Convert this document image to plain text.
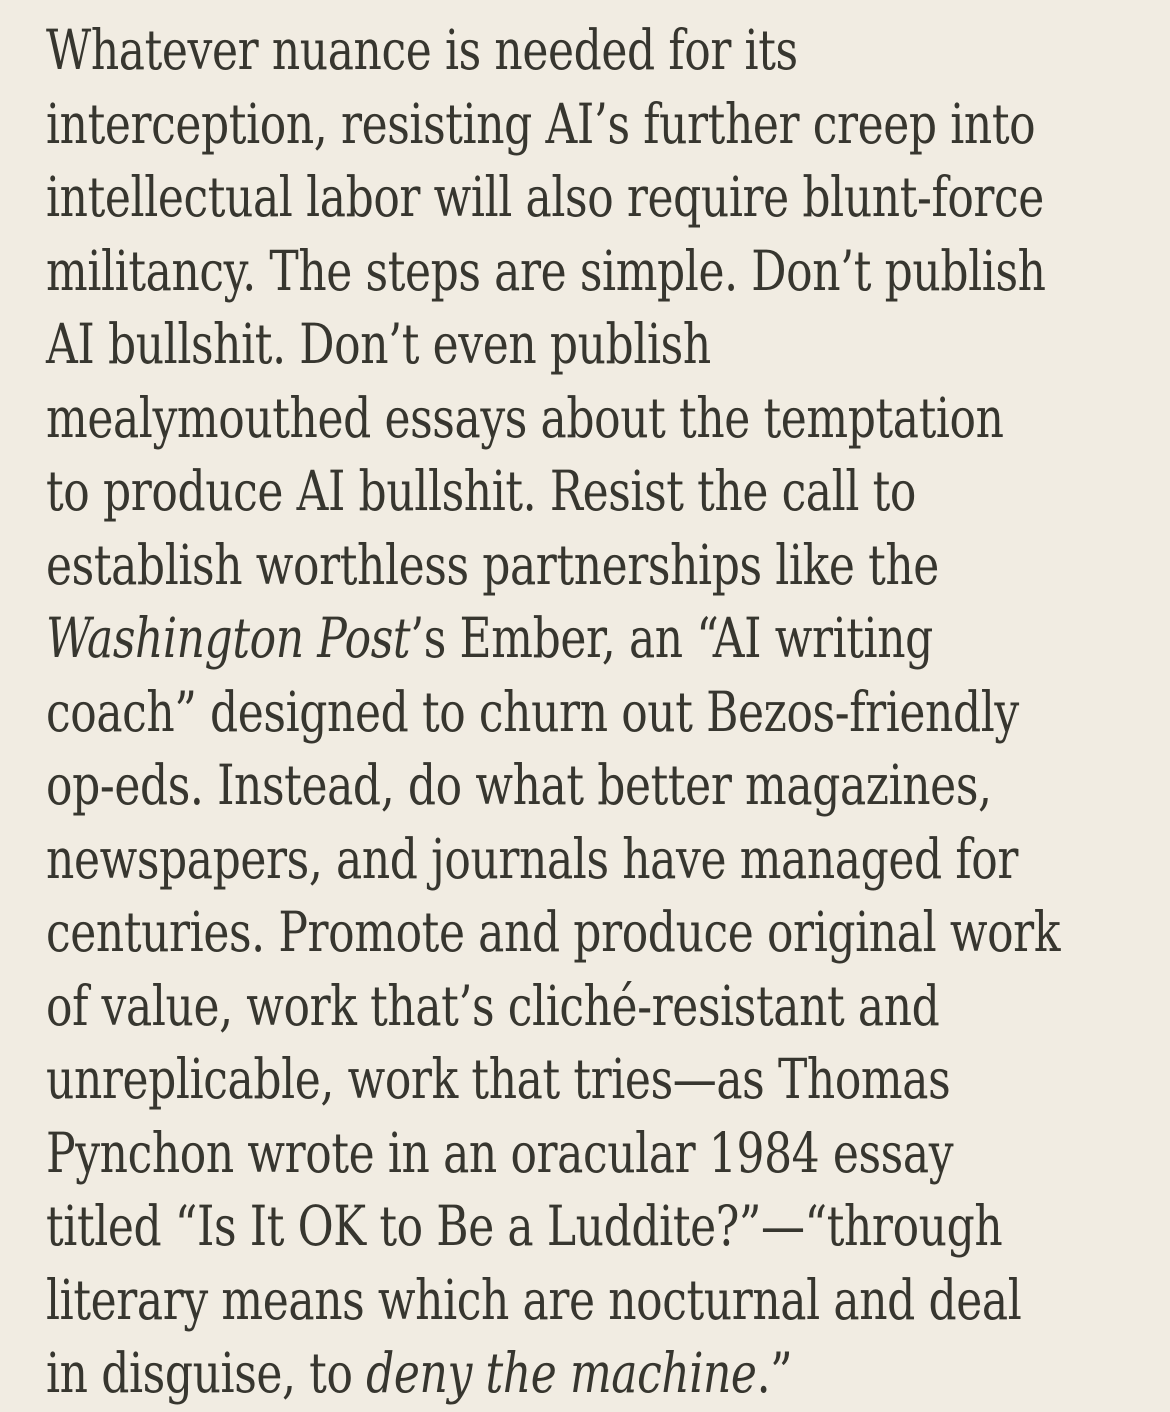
Whatever nuance is needed for its
interception, resisting AI’s further creep into
intellectual labor will also require blunt-force
militancy. The steps are simple. Don’t publish
AI bullshit. Don’t even publish
mealymouthed essays about the temptation
to produce AI bullshit. Resist the call to
establish worthless partnerships like the
Washington Post’s Ember, an “AI writing
coach” designed to churn out Bezos-friendly
op-eds. Instead, do what better magazines,
newspapers, and journals have managed for
centuries. Promote and produce original work
of value, work that’s cliché-resistant and
unreplicable, work that tries—as Thomas
Pynchon wrote in an oracular 1984 essay
titled “Is It OK to Be a Luddite?”—“through
literary means which are nocturnal and deal
in disguise, to deny the machine.”
